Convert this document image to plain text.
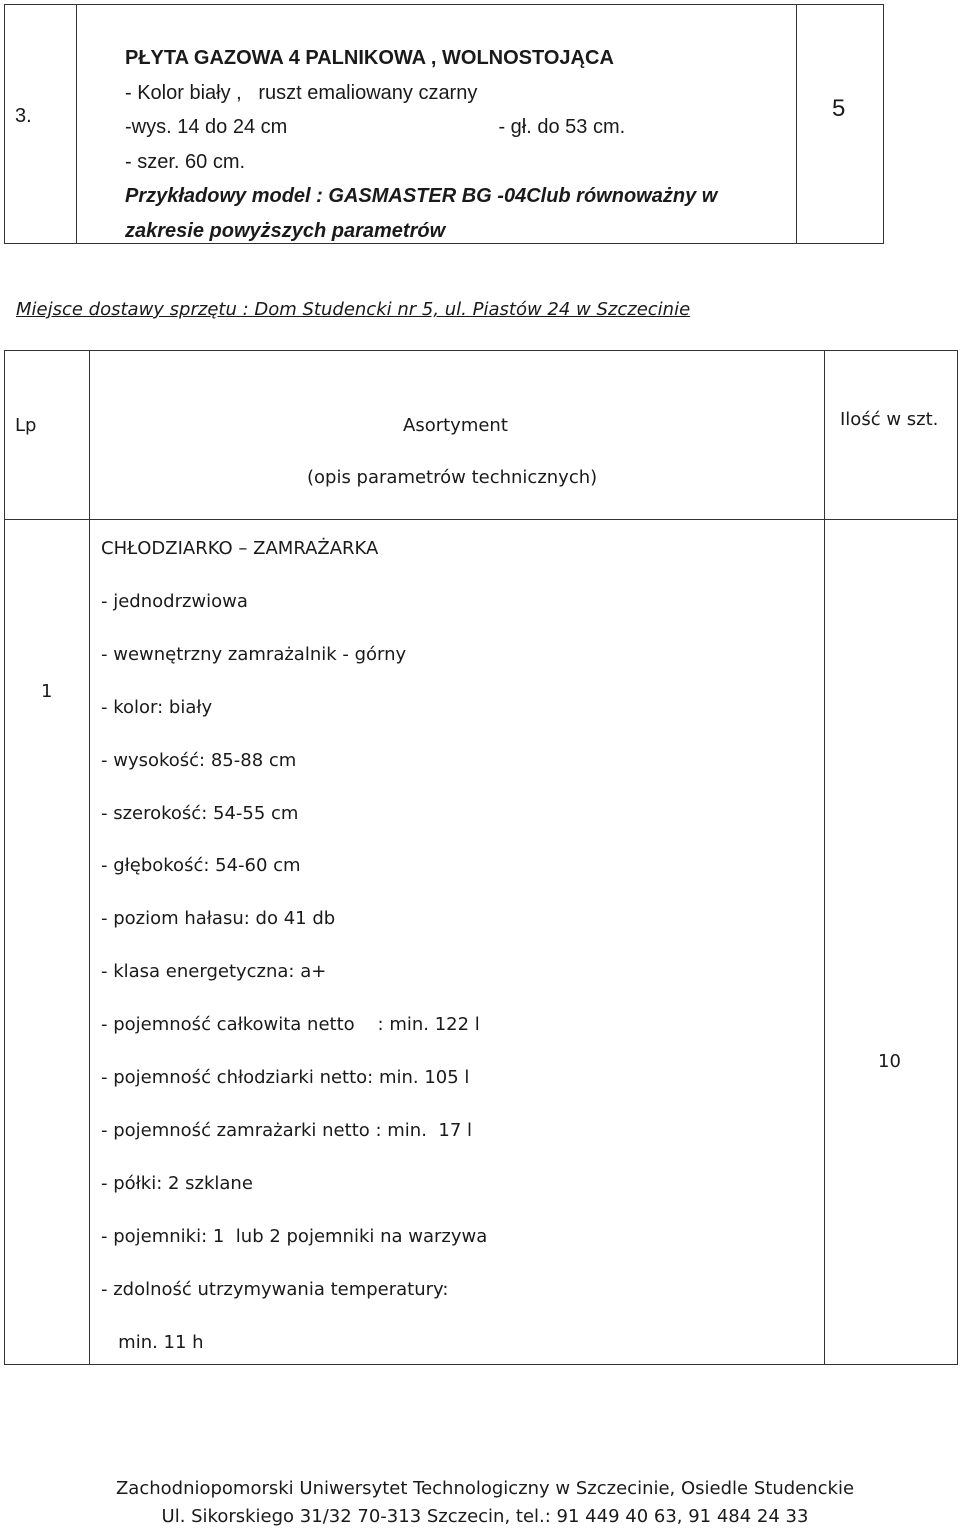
3.
PŁYTA GAZOWA 4 PALNIKOWA , WOLNOSTOJĄCA
- Kolor biały ,   ruszt emaliowany czarny
-wys. 14 do 24 cm                                      - gł. do 53 cm.
- szer. 60 cm.
Przykładowy model : GASMASTER BG -04Club równoważny w
zakresie powyższych parametrów
5
Miejsce dostawy sprzętu : Dom Studencki nr 5, ul. Piastów 24 w Szczecinie
Lp	Asortyment
(opis parametrów technicznych)
Ilość w szt.
1
10
CHŁODZIARKO – ZAMRAŻARKA
- jednodrzwiowa
- wewnętrzny zamrażalnik - górny
- kolor: biały
- wysokość: 85-88 cm
- szerokość: 54-55 cm
- głębokość: 54-60 cm
- poziom hałasu: do 41 db
- klasa energetyczna: a+
- pojemność całkowita netto    : min. 122 l
- pojemność chłodziarki netto: min. 105 l
- pojemność zamrażarki netto : min.  17 l
- półki: 2 szklane
- pojemniki: 1  lub 2 pojemniki na warzywa
- zdolność utrzymywania temperatury:
min. 11 h
Zachodniopomorski Uniwersytet Technologiczny w Szczecinie, Osiedle Studenckie
Ul. Sikorskiego 31/32 70-313 Szczecin, tel.: 91 449 40 63, 91 484 24 33
